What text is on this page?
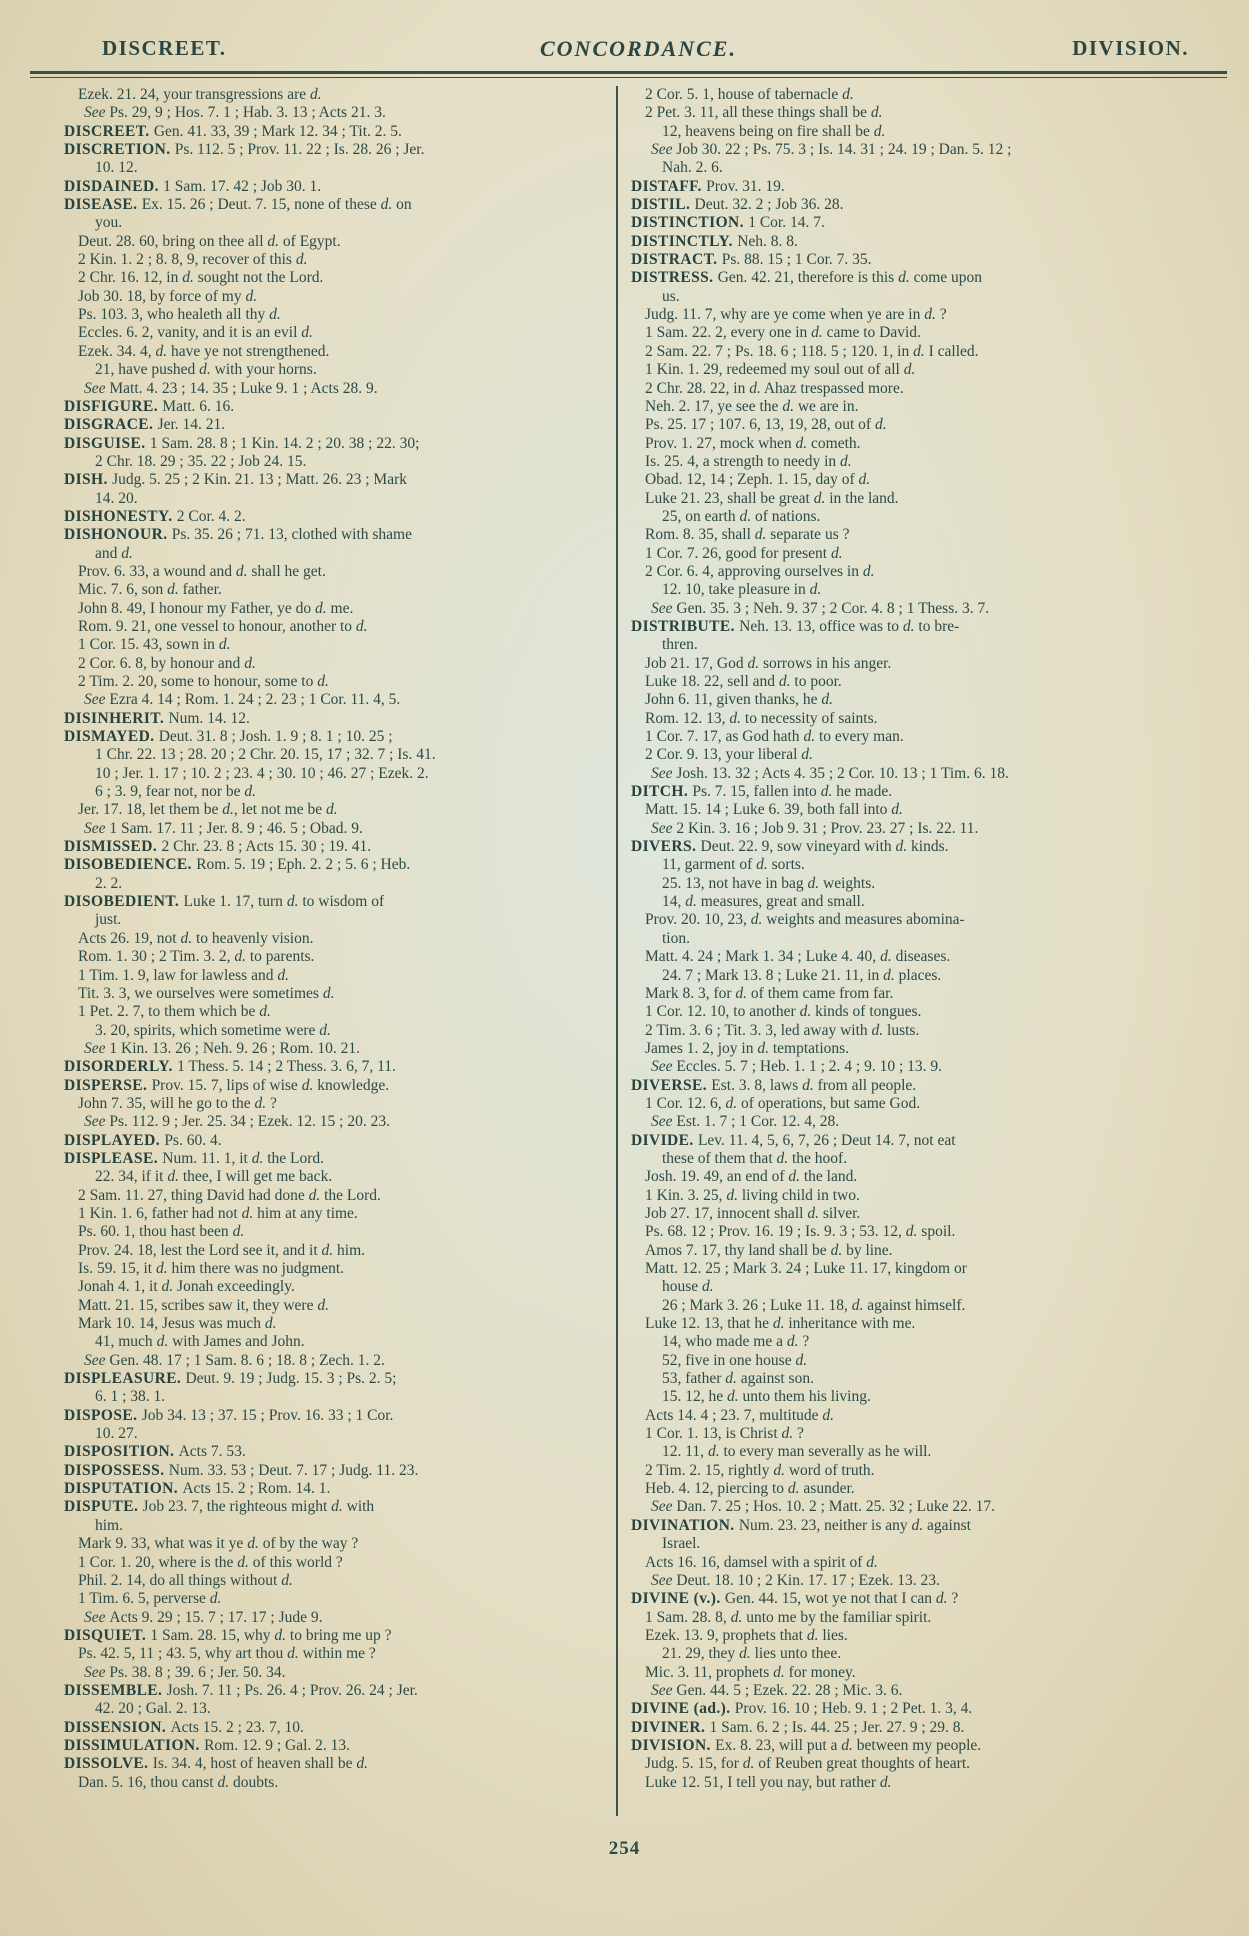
DISCREET.	CONCORDANCE.	DIVISION.
Ezek. 21. 24, your transgressions are d.
See Ps. 29, 9 ; Hos. 7. 1 ; Hab. 3. 13 ; Acts 21. 3.
DISCREET. Gen. 41. 33, 39 ; Mark 12. 34 ; Tit. 2. 5.
DISCRETION. Ps. 112. 5 ; Prov. 11. 22 ; Is. 28. 26 ; Jer.
10. 12.
DISDAINED. 1 Sam. 17. 42 ; Job 30. 1.
DISEASE. Ex. 15. 26 ; Deut. 7. 15, none of these d. on
you.
Deut. 28. 60, bring on thee all d. of Egypt.
2 Kin. 1. 2 ; 8. 8, 9, recover of this d.
2 Chr. 16. 12, in d. sought not the Lord.
Job 30. 18, by force of my d.
Ps. 103. 3, who healeth all thy d.
Eccles. 6. 2, vanity, and it is an evil d.
Ezek. 34. 4, d. have ye not strengthened.
21, have pushed d. with your horns.
See Matt. 4. 23 ; 14. 35 ; Luke 9. 1 ; Acts 28. 9.
DISFIGURE. Matt. 6. 16.
DISGRACE. Jer. 14. 21.
DISGUISE. 1 Sam. 28. 8 ; 1 Kin. 14. 2 ; 20. 38 ; 22. 30;
2 Chr. 18. 29 ; 35. 22 ; Job 24. 15.
DISH. Judg. 5. 25 ; 2 Kin. 21. 13 ; Matt. 26. 23 ; Mark
14. 20.
DISHONESTY. 2 Cor. 4. 2.
DISHONOUR. Ps. 35. 26 ; 71. 13, clothed with shame
and d.
Prov. 6. 33, a wound and d. shall he get.
Mic. 7. 6, son d. father.
John 8. 49, I honour my Father, ye do d. me.
Rom. 9. 21, one vessel to honour, another to d.
1 Cor. 15. 43, sown in d.
2 Cor. 6. 8, by honour and d.
2 Tim. 2. 20, some to honour, some to d.
See Ezra 4. 14 ; Rom. 1. 24 ; 2. 23 ; 1 Cor. 11. 4, 5.
DISINHERIT. Num. 14. 12.
DISMAYED. Deut. 31. 8 ; Josh. 1. 9 ; 8. 1 ; 10. 25 ;
1 Chr. 22. 13 ; 28. 20 ; 2 Chr. 20. 15, 17 ; 32. 7 ; Is. 41.
10 ; Jer. 1. 17 ; 10. 2 ; 23. 4 ; 30. 10 ; 46. 27 ; Ezek. 2.
6 ; 3. 9, fear not, nor be d.
Jer. 17. 18, let them be d., let not me be d.
See 1 Sam. 17. 11 ; Jer. 8. 9 ; 46. 5 ; Obad. 9.
DISMISSED. 2 Chr. 23. 8 ; Acts 15. 30 ; 19. 41.
DISOBEDIENCE. Rom. 5. 19 ; Eph. 2. 2 ; 5. 6 ; Heb.
2. 2.
DISOBEDIENT. Luke 1. 17, turn d. to wisdom of
just.
Acts 26. 19, not d. to heavenly vision.
Rom. 1. 30 ; 2 Tim. 3. 2, d. to parents.
1 Tim. 1. 9, law for lawless and d.
Tit. 3. 3, we ourselves were sometimes d.
1 Pet. 2. 7, to them which be d.
3. 20, spirits, which sometime were d.
See 1 Kin. 13. 26 ; Neh. 9. 26 ; Rom. 10. 21.
DISORDERLY. 1 Thess. 5. 14 ; 2 Thess. 3. 6, 7, 11.
DISPERSE. Prov. 15. 7, lips of wise d. knowledge.
John 7. 35, will he go to the d. ?
See Ps. 112. 9 ; Jer. 25. 34 ; Ezek. 12. 15 ; 20. 23.
DISPLAYED. Ps. 60. 4.
DISPLEASE. Num. 11. 1, it d. the Lord.
22. 34, if it d. thee, I will get me back.
2 Sam. 11. 27, thing David had done d. the Lord.
1 Kin. 1. 6, father had not d. him at any time.
Ps. 60. 1, thou hast been d.
Prov. 24. 18, lest the Lord see it, and it d. him.
Is. 59. 15, it d. him there was no judgment.
Jonah 4. 1, it d. Jonah exceedingly.
Matt. 21. 15, scribes saw it, they were d.
Mark 10. 14, Jesus was much d.
41, much d. with James and John.
See Gen. 48. 17 ; 1 Sam. 8. 6 ; 18. 8 ; Zech. 1. 2.
DISPLEASURE. Deut. 9. 19 ; Judg. 15. 3 ; Ps. 2. 5;
6. 1 ; 38. 1.
DISPOSE. Job 34. 13 ; 37. 15 ; Prov. 16. 33 ; 1 Cor.
10. 27.
DISPOSITION. Acts 7. 53.
DISPOSSESS. Num. 33. 53 ; Deut. 7. 17 ; Judg. 11. 23.
DISPUTATION. Acts 15. 2 ; Rom. 14. 1.
DISPUTE. Job 23. 7, the righteous might d. with
him.
Mark 9. 33, what was it ye d. of by the way ?
1 Cor. 1. 20, where is the d. of this world ?
Phil. 2. 14, do all things without d.
1 Tim. 6. 5, perverse d.
See Acts 9. 29 ; 15. 7 ; 17. 17 ; Jude 9.
DISQUIET. 1 Sam. 28. 15, why d. to bring me up ?
Ps. 42. 5, 11 ; 43. 5, why art thou d. within me ?
See Ps. 38. 8 ; 39. 6 ; Jer. 50. 34.
DISSEMBLE. Josh. 7. 11 ; Ps. 26. 4 ; Prov. 26. 24 ; Jer.
42. 20 ; Gal. 2. 13.
DISSENSION. Acts 15. 2 ; 23. 7, 10.
DISSIMULATION. Rom. 12. 9 ; Gal. 2. 13.
DISSOLVE. Is. 34. 4, host of heaven shall be d.
Dan. 5. 16, thou canst d. doubts.
2 Cor. 5. 1, house of tabernacle d.
2 Pet. 3. 11, all these things shall be d.
12, heavens being on fire shall be d.
See Job 30. 22 ; Ps. 75. 3 ; Is. 14. 31 ; 24. 19 ; Dan. 5. 12 ;
Nah. 2. 6.
DISTAFF. Prov. 31. 19.
DISTIL. Deut. 32. 2 ; Job 36. 28.
DISTINCTION. 1 Cor. 14. 7.
DISTINCTLY. Neh. 8. 8.
DISTRACT. Ps. 88. 15 ; 1 Cor. 7. 35.
DISTRESS. Gen. 42. 21, therefore is this d. come upon
us.
Judg. 11. 7, why are ye come when ye are in d. ?
1 Sam. 22. 2, every one in d. came to David.
2 Sam. 22. 7 ; Ps. 18. 6 ; 118. 5 ; 120. 1, in d. I called.
1 Kin. 1. 29, redeemed my soul out of all d.
2 Chr. 28. 22, in d. Ahaz trespassed more.
Neh. 2. 17, ye see the d. we are in.
Ps. 25. 17 ; 107. 6, 13, 19, 28, out of d.
Prov. 1. 27, mock when d. cometh.
Is. 25. 4, a strength to needy in d.
Obad. 12, 14 ; Zeph. 1. 15, day of d.
Luke 21. 23, shall be great d. in the land.
25, on earth d. of nations.
Rom. 8. 35, shall d. separate us ?
1 Cor. 7. 26, good for present d.
2 Cor. 6. 4, approving ourselves in d.
12. 10, take pleasure in d.
See Gen. 35. 3 ; Neh. 9. 37 ; 2 Cor. 4. 8 ; 1 Thess. 3. 7.
DISTRIBUTE. Neh. 13. 13, office was to d. to bre-
thren.
Job 21. 17, God d. sorrows in his anger.
Luke 18. 22, sell and d. to poor.
John 6. 11, given thanks, he d.
Rom. 12. 13, d. to necessity of saints.
1 Cor. 7. 17, as God hath d. to every man.
2 Cor. 9. 13, your liberal d.
See Josh. 13. 32 ; Acts 4. 35 ; 2 Cor. 10. 13 ; 1 Tim. 6. 18.
DITCH. Ps. 7. 15, fallen into d. he made.
Matt. 15. 14 ; Luke 6. 39, both fall into d.
See 2 Kin. 3. 16 ; Job 9. 31 ; Prov. 23. 27 ; Is. 22. 11.
DIVERS. Deut. 22. 9, sow vineyard with d. kinds.
11, garment of d. sorts.
25. 13, not have in bag d. weights.
14, d. measures, great and small.
Prov. 20. 10, 23, d. weights and measures abomina-
tion.
Matt. 4. 24 ; Mark 1. 34 ; Luke 4. 40, d. diseases.
24. 7 ; Mark 13. 8 ; Luke 21. 11, in d. places.
Mark 8. 3, for d. of them came from far.
1 Cor. 12. 10, to another d. kinds of tongues.
2 Tim. 3. 6 ; Tit. 3. 3, led away with d. lusts.
James 1. 2, joy in d. temptations.
See Eccles. 5. 7 ; Heb. 1. 1 ; 2. 4 ; 9. 10 ; 13. 9.
DIVERSE. Est. 3. 8, laws d. from all people.
1 Cor. 12. 6, d. of operations, but same God.
See Est. 1. 7 ; 1 Cor. 12. 4, 28.
DIVIDE. Lev. 11. 4, 5, 6, 7, 26 ; Deut 14. 7, not eat
these of them that d. the hoof.
Josh. 19. 49, an end of d. the land.
1 Kin. 3. 25, d. living child in two.
Job 27. 17, innocent shall d. silver.
Ps. 68. 12 ; Prov. 16. 19 ; Is. 9. 3 ; 53. 12, d. spoil.
Amos 7. 17, thy land shall be d. by line.
Matt. 12. 25 ; Mark 3. 24 ; Luke 11. 17, kingdom or
house d.
26 ; Mark 3. 26 ; Luke 11. 18, d. against himself.
Luke 12. 13, that he d. inheritance with me.
14, who made me a d. ?
52, five in one house d.
53, father d. against son.
15. 12, he d. unto them his living.
Acts 14. 4 ; 23. 7, multitude d.
1 Cor. 1. 13, is Christ d. ?
12. 11, d. to every man severally as he will.
2 Tim. 2. 15, rightly d. word of truth.
Heb. 4. 12, piercing to d. asunder.
See Dan. 7. 25 ; Hos. 10. 2 ; Matt. 25. 32 ; Luke 22. 17.
DIVINATION. Num. 23. 23, neither is any d. against
Israel.
Acts 16. 16, damsel with a spirit of d.
See Deut. 18. 10 ; 2 Kin. 17. 17 ; Ezek. 13. 23.
DIVINE (v.). Gen. 44. 15, wot ye not that I can d. ?
1 Sam. 28. 8, d. unto me by the familiar spirit.
Ezek. 13. 9, prophets that d. lies.
21. 29, they d. lies unto thee.
Mic. 3. 11, prophets d. for money.
See Gen. 44. 5 ; Ezek. 22. 28 ; Mic. 3. 6.
DIVINE (ad.). Prov. 16. 10 ; Heb. 9. 1 ; 2 Pet. 1. 3, 4.
DIVINER. 1 Sam. 6. 2 ; Is. 44. 25 ; Jer. 27. 9 ; 29. 8.
DIVISION. Ex. 8. 23, will put a d. between my people.
Judg. 5. 15, for d. of Reuben great thoughts of heart.
Luke 12. 51, I tell you nay, but rather d.
254
